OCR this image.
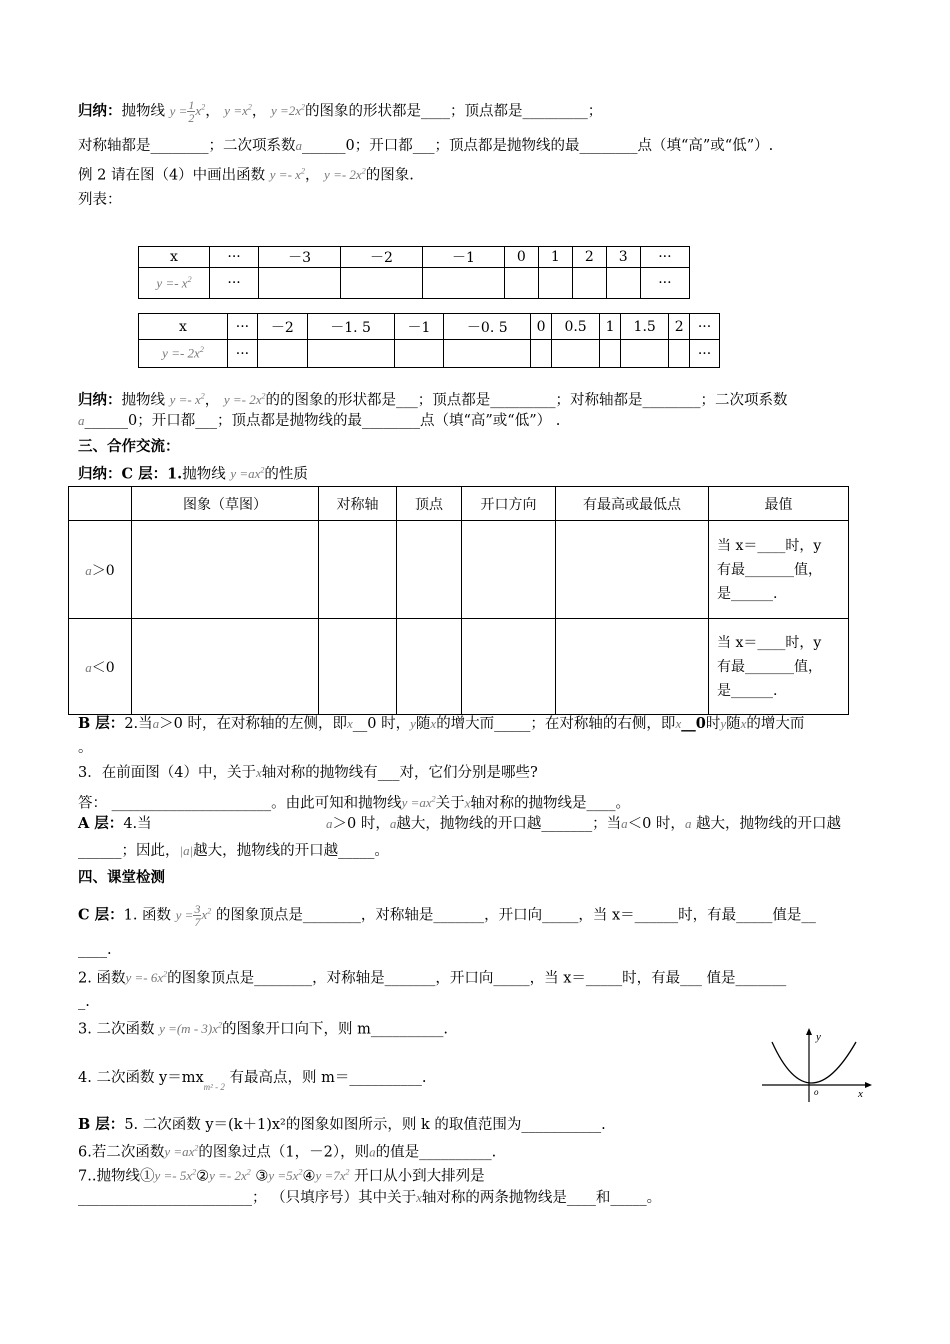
归纳：抛物线 $y = \frac{1}{2} x^2$， $y =x^2$， $y =2x^2$的图象的形状都是____；顶点都是_________；
对称轴都是________；二次项系数a______0；开口都___；顶点都是抛物线的最________点（填“高”或“低”）.
例 2 请在图（4）中画出函数 $y =- x^2$， $y =- 2x^2$的图象.
列表：
x	···	－3	－2	－1	0	1	2	3	···
$y =- x^2$	···								···
x	···	－2	－1. 5	－1	－0. 5	0	0.5	1	1.5	2	···
$y =- 2x^2$	···										···
归纳：抛物线 $y =- x^2$， $y =- 2x^2$的的图象的形状都是___；顶点都是_________；对称轴都是________；二次项系数
a______0；开口都___；顶点都是抛物线的最________点（填“高”或“低”） .
三、合作交流：
归纳：C 层：1.抛物线 $y =ax^2$的性质
	图象（草图）	对称轴	顶点	开口方向	有最高或最低点	最值
a＞0						当 x＝____时，y
有最_______值，
是______.

a＜0						当 x＝____时，y
有最_______值，
是______.
B 层：2.当a＞0 时，在对称轴的左侧，即x__0 时，y随x的增大而_____；在对称轴的右侧，即x__0时y随x的增大而
。
3．在前面图（4）中，关于x轴对称的抛物线有___对，它们分别是哪些?
答： ______________________。由此可知和抛物线$y =ax^2$关于x轴对称的抛物线是____。
A 层：4.当	a＞0 时，a越大，抛物线的开口越_______；当a＜0 时，a 越大，抛物线的开口越
______；因此，|a|越大，抛物线的开口越_____。
四、课堂检测
C 层：1. 函数 $y = \frac{3}{7} x^2$ 的图象顶点是________，对称轴是_______，开口向_____，当 x＝______时，有最_____值是__
____.
2. 函数$y =- 6x^2$的图象顶点是________，对称轴是_______，开口向_____，当 x＝_____时，有最___ 值是_______
_.
3. 二次函数 $y =(m - 3)x^2$的图象开口向下，则 m__________.
4. 二次函数 $y=mx_{m^2 - 2}$ 有最高点，则 m＝__________.
B 层：5. 二次函数 y＝(k＋1)x²的图象如图所示，则 k 的取值范围为___________.
6.若二次函数$y =ax^2$的图象过点（1，－2），则a的值是__________.
7..抛物线①y =- $5x^2②y =- 2x^2$ ③y $=5x^2④y =7x^2$ 开口从小到大排列是
________________________； （只填序号）其中关于x轴对称的两条抛物线是____和_____。
y
x
o
